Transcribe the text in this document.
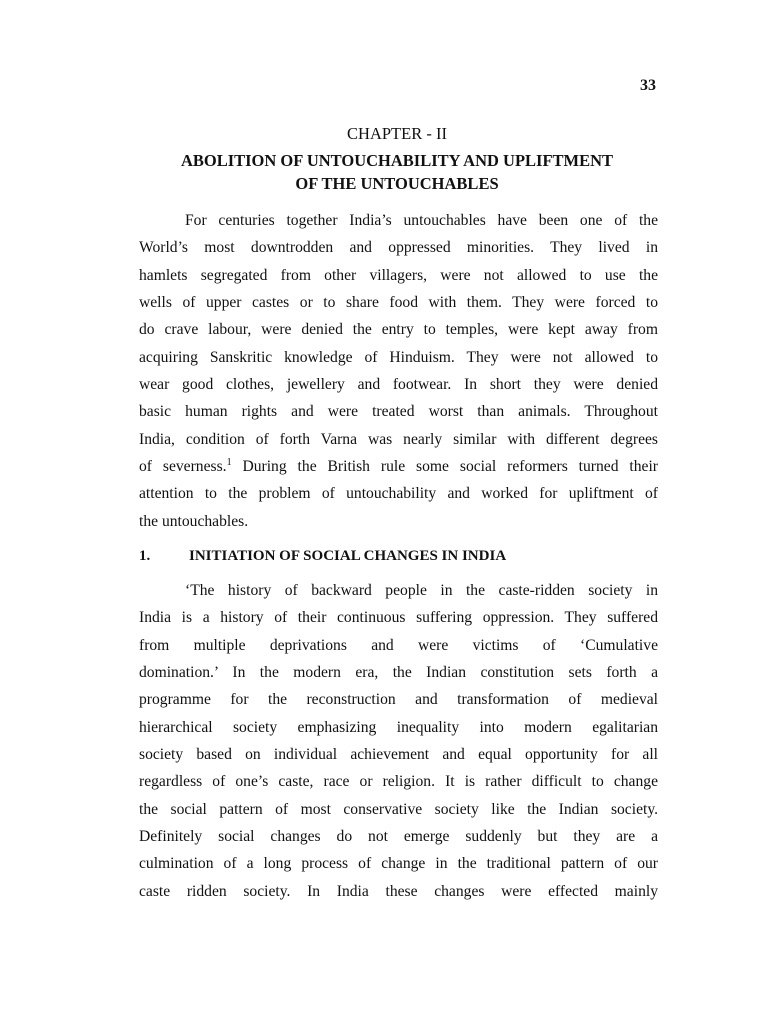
33
CHAPTER - II
ABOLITION OF UNTOUCHABILITY AND UPLIFTMENT
OF THE UNTOUCHABLES
For centuries together India’s untouchables have been one of the
World’s most downtrodden and oppressed minorities. They lived in
hamlets segregated from other villagers, were not allowed to use the
wells of upper castes or to share food with them. They were forced to
do crave labour, were denied the entry to temples, were kept away from
acquiring Sanskritic knowledge of Hinduism. They were not allowed to
wear good clothes, jewellery and footwear. In short they were denied
basic human rights and were treated worst than animals. Throughout
India, condition of forth Varna was nearly similar with different degrees
of severness.$^1$ During the British rule some social reformers turned their
attention to the problem of untouchability and worked for upliftment of
the untouchables.
1.	INITIATION OF SOCIAL CHANGES IN INDIA
‘The history of backward people in the caste-ridden society in
India is a history of their continuous suffering oppression. They suffered
from multiple deprivations and were victims of ‘Cumulative
domination.’ In the modern era, the Indian constitution sets forth a
programme for the reconstruction and transformation of medieval
hierarchical society emphasizing inequality into modern egalitarian
society based on individual achievement and equal opportunity for all
regardless of one’s caste, race or religion. It is rather difficult to change
the social pattern of most conservative society like the Indian society.
Definitely social changes do not emerge suddenly but they are a
culmination of a long process of change in the traditional pattern of our
caste ridden society. In India these changes were effected mainly
